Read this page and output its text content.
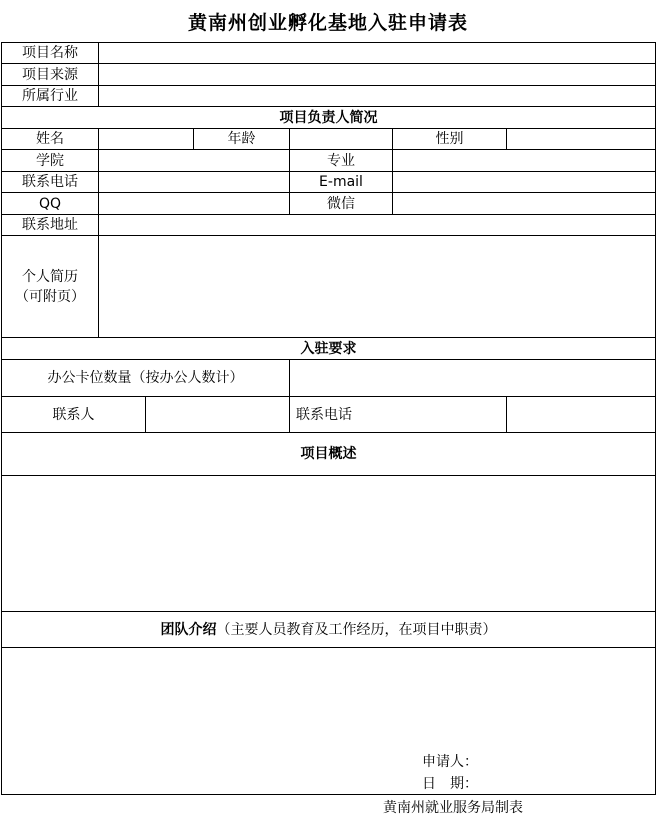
黄南州创业孵化基地入驻申请表
项目名称						
项目来源						
所属行业						
项目负责人简况						
姓名			年龄		性别	
学院				专业		
联系电话				E-mail		
QQ				微信		
联系地址						
个人简历
（可附页）						
入驻要求						
办公卡位数量（按办公人数计）						
联系人				联系电话		
项目概述						

团队介绍（主要人员教育及工作经历，在项目中职责）						

申请人：
日　期：						
黄南州就业服务局制表
